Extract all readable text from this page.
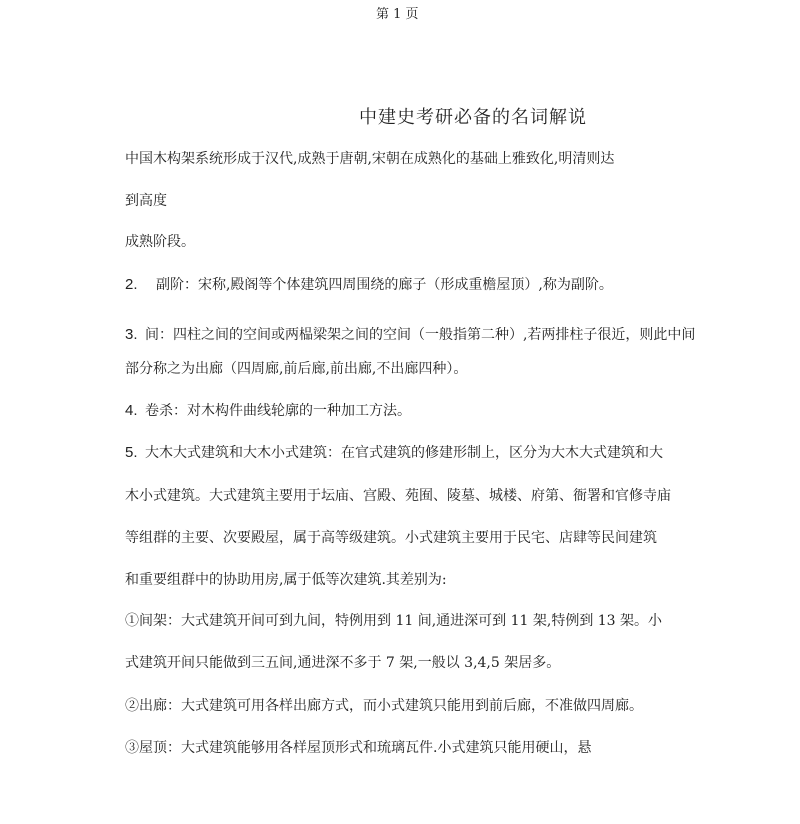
第 1 页
中建史考研必备的名词解说
中国木构架系统形成于汉代,成熟于唐朝,宋朝在成熟化的基础上雅致化,明清则达
到高度
成熟阶段。
2. 副阶：宋称,殿阁等个体建筑四周围绕的廊子（形成重檐屋顶）,称为副阶。
3. 间：四柱之间的空间或两榀梁架之间的空间（一般指第二种）,若两排柱子很近，则此中间
部分称之为出廊（四周廊,前后廊,前出廊,不出廊四种）。
4. 卷杀：对木构件曲线轮廓的一种加工方法。
5. 大木大式建筑和大木小式建筑：在官式建筑的修建形制上，区分为大木大式建筑和大
木小式建筑。大式建筑主要用于坛庙、宫殿、苑囿、陵墓、城楼、府第、衙署和官修寺庙
等组群的主要、次要殿屋，属于高等级建筑。小式建筑主要用于民宅、店肆等民间建筑
和重要组群中的协助用房,属于低等次建筑.其差别为:
①间架：大式建筑开间可到九间，特例用到 11 间,通进深可到 11 架,特例到 13 架。小
式建筑开间只能做到三五间,通进深不多于 7 架,一般以 3,4,5 架居多。
②出廊：大式建筑可用各样出廊方式，而小式建筑只能用到前后廊，不准做四周廊。
③屋顶：大式建筑能够用各样屋顶形式和琉璃瓦件.小式建筑只能用硬山，悬
